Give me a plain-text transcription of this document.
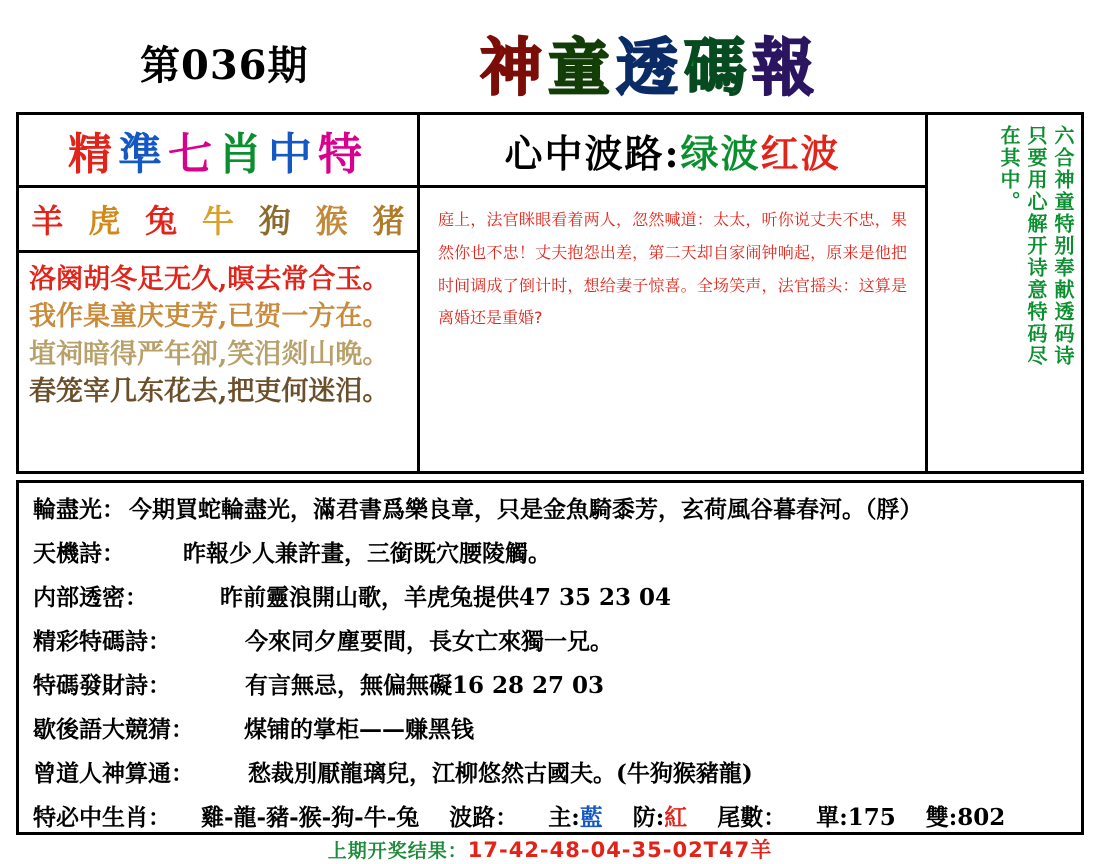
第036期	神童透碼報
精 準 七 肖 中 特
羊 虎 兔 牛 狗 猴 猪
洛阕胡冬足无久,暝去常合玉。
我作臬童庆吏芳,已贺一方在。
埴祠暗得严年卻,笑泪剡山晩。
春笼宰几东花去,把吏何迷泪。
心中波路: 绿波 红波
庭上，法官眯眼看着两人，忽然喊道：太太，听你说丈夫不忠，果然你也不忠！丈夫抱怨出差，第二天却自家闹钟响起，原来是他把时间调成了倒计时，想给妻子惊喜。全场笑声，法官摇头：这算是离婚还是重婚?	六合神童特别奉献透码诗
只要用心解开诗意特码尽
在其中。
輪盡光： 今期買蛇輪盡光，滿君書爲樂良章，只是金魚騎黍芳，玄荷風谷暮春河。（脬）
天機詩：	昨報少人兼許畫，三銜既穴腰陵觸。
内部透密：	昨前靈浪開山歌，羊虎兔提供47 35 23 04
精彩特碼詩：	今來同夕塵要間，長女亡來獨一兄。
特碼發財詩：	有言無忌，無偏無礙16 28 27 03
歇後語大競猜： 煤铺的掌柜——赚黑钱
曾道人神算通： 愁裁別厭龍璃兒，江柳悠然古國夫。(牛狗猴豬龍)
特必中生肖： 雞-龍-豬-猴-狗-牛-兔 波路： 主: 藍 防: 紅 尾數： 單: 175 雙: 802
上期开奖结果：17-42-48-04-35-02T47羊
